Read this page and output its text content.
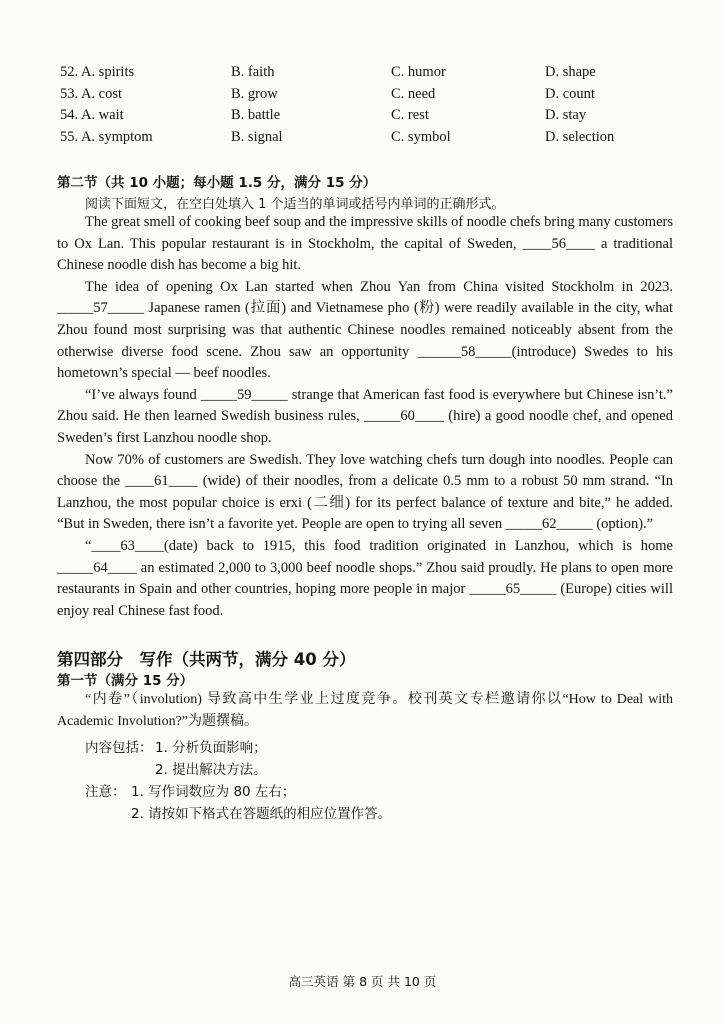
52. A. spirits	B. faith	C. humor	D. shape
53. A. cost	B. grow	C. need	D. count
54. A. wait	B. battle	C. rest	D. stay
55. A. symptom	B. signal	C. symbol	D. selection
第二节（共 10 小题；每小题 1.5 分，满分 15 分）
阅读下面短文，在空白处填入 1 个适当的单词或括号内单词的正确形式。

The great smell of cooking beef soup and the impressive skills of noodle chefs bring many customers to Ox Lan. This popular restaurant is in Stockholm, the capital of Sweden, ____56____ a traditional Chinese noodle dish has become a big hit.

The idea of opening Ox Lan started when Zhou Yan from China visited Stockholm in 2023. _____57_____ Japanese ramen (拉面) and Vietnamese pho (粉) were readily available in the city, what Zhou found most surprising was that authentic Chinese noodles remained noticeably absent from the otherwise diverse food scene. Zhou saw an opportunity ______58_____(introduce) Swedes to his hometown’s special — beef noodles.

“I’ve always found _____59_____ strange that American fast food is everywhere but Chinese isn’t.” Zhou said. He then learned Swedish business rules, _____60____ (hire) a good noodle chef, and opened Sweden’s first Lanzhou noodle shop.

Now 70% of customers are Swedish. They love watching chefs turn dough into noodles. People can choose the ____61____ (wide) of their noodles, from a delicate 0.5 mm to a robust 50 mm strand. “In Lanzhou, the most popular choice is erxi (二细) for its perfect balance of texture and bite,” he added. “But in Sweden, there isn’t a favorite yet. People are open to trying all seven _____62_____ (option).”

“____63____(date) back to 1915, this food tradition originated in Lanzhou, which is home _____64____ an estimated 2,000 to 3,000 beef noodle shops.” Zhou said proudly. He plans to open more restaurants in Spain and other countries, hoping more people in major _____65_____ (Europe) cities will enjoy real Chinese fast food.

第四部分　写作（共两节，满分 40 分）
第一节（满分 15 分）
“内卷”（involution) 导致高中生学业上过度竞争。校刊英文专栏邀请你以“How to Deal with Academic Involution?”为题撰稿。
内容包括： 1. 分析负面影响；
2. 提出解决方法。
注意： 1. 写作词数应为 80 左右；
2. 请按如下格式在答题纸的相应位置作答。
高三英语 第 8 页 共 10 页
